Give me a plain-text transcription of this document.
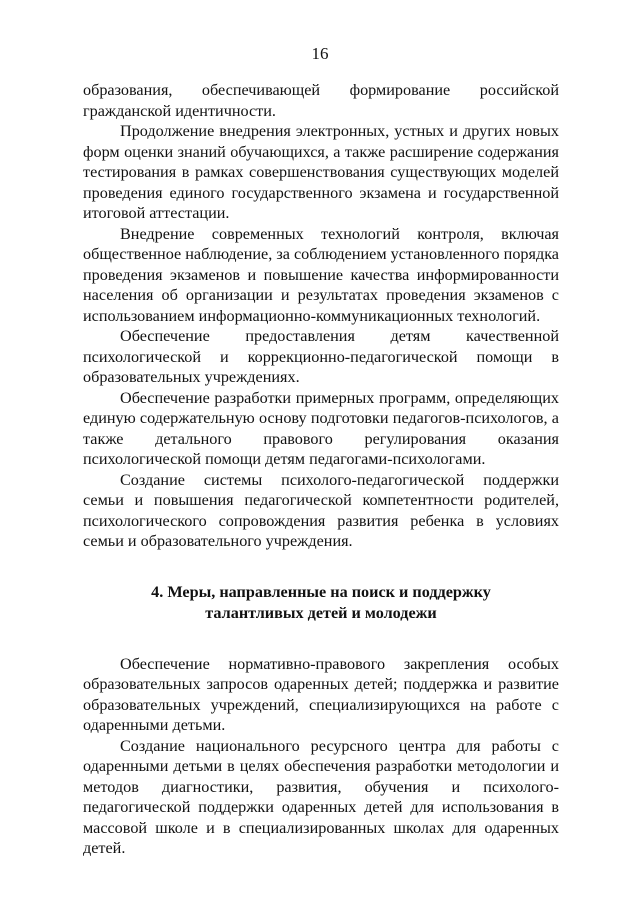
16

образования, обеспечивающей формирование российской гражданской идентичности.

Продолжение внедрения электронных, устных и других новых форм оценки знаний обучающихся, а также расширение содержания тестирования в рамках совершенствования существующих моделей проведения единого государственного экзамена и государственной итоговой аттестации.

Внедрение современных технологий контроля, включая общественное наблюдение, за соблюдением установленного порядка проведения экзаменов и повышение качества информированности населения об организации и результатах проведения экзаменов с использованием информационно-коммуникационных технологий.

Обеспечение предоставления детям качественной психологической и коррекционно-педагогической помощи в образовательных учреждениях.

Обеспечение разработки примерных программ, определяющих единую содержательную основу подготовки педагогов-психологов, а также детального правового регулирования оказания психологической помощи детям педагогами-психологами.

Создание системы психолого-педагогической поддержки семьи и повышения педагогической компетентности родителей, психологического сопровождения развития ребенка в условиях семьи и образовательного учреждения.

4. Меры, направленные на поиск и поддержку
талантливых детей и молодежи

Обеспечение нормативно-правового закрепления особых образовательных запросов одаренных детей; поддержка и развитие образовательных учреждений, специализирующихся на работе с одаренными детьми.

Создание национального ресурсного центра для работы с одаренными детьми в целях обеспечения разработки методологии и методов диагностики, развития, обучения и психолого-педагогической поддержки одаренных детей для использования в массовой школе и в специализированных школах для одаренных детей.
